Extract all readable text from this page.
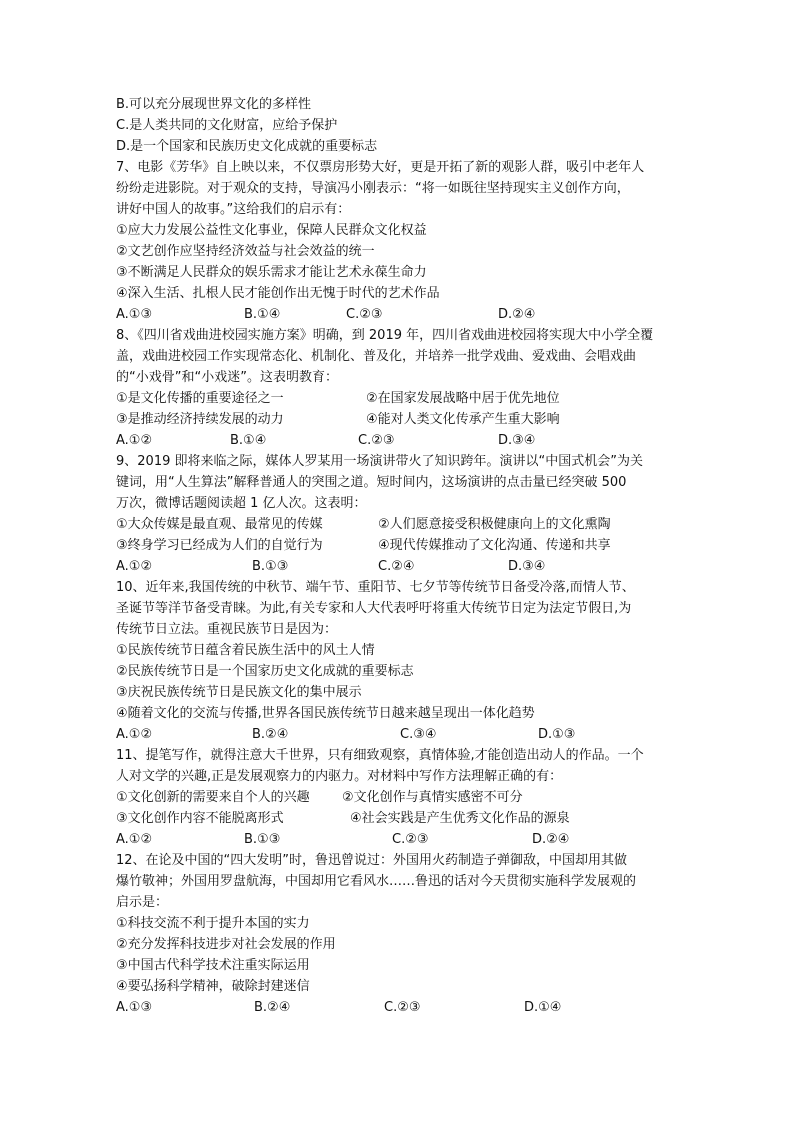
B.可以充分展现世界文化的多样性
C.是人类共同的文化财富，应给予保护
D.是一个国家和民族历史文化成就的重要标志
7、电影《芳华》自上映以来，不仅票房形势大好，更是开拓了新的观影人群，吸引中老年人
纷纷走进影院。对于观众的支持，导演冯小刚表示：“将一如既往坚持现实主义创作方向，
讲好中国人的故事。”这给我们的启示有：
①应大力发展公益性文化事业，保障人民群众文化权益
②文艺创作应坚持经济效益与社会效益的统一
③不断满足人民群众的娱乐需求才能让艺术永葆生命力
④深入生活、扎根人民才能创作出无愧于时代的艺术作品
A.①③	B.①④	C.②③	D.②④
8、《四川省戏曲进校园实施方案》明确，到 2019 年，四川省戏曲进校园将实现大中小学全覆
盖，戏曲进校园工作实现常态化、机制化、普及化，并培养一批学戏曲、爱戏曲、会唱戏曲
的“小戏骨”和“小戏迷”。这表明教育：
①是文化传播的重要途径之一	②在国家发展战略中居于优先地位
③是推动经济持续发展的动力	④能对人类文化传承产生重大影响
A.①②	B.①④	C.②③	D.③④
9、2019 即将来临之际，媒体人罗某用一场演讲带火了知识跨年。演讲以“中国式机会”为关
键词，用“人生算法”解释普通人的突围之道。短时间内，这场演讲的点击量已经突破 500
万次，微博话题阅读超 1 亿人次。这表明：
①大众传媒是最直观、最常见的传媒	②人们愿意接受积极健康向上的文化熏陶
③终身学习已经成为人们的自觉行为	④现代传媒推动了文化沟通、传递和共享
A.①②	B.①③	C.②④	D.③④
10、近年来,我国传统的中秋节、端午节、重阳节、七夕节等传统节日备受冷落,而情人节、
圣诞节等洋节备受青睐。为此,有关专家和人大代表呼吁将重大传统节日定为法定节假日,为
传统节日立法。重视民族节日是因为：
①民族传统节日蕴含着民族生活中的风土人情
②民族传统节日是一个国家历史文化成就的重要标志
③庆祝民族传统节日是民族文化的集中展示
④随着文化的交流与传播,世界各国民族传统节日越来越呈现出一体化趋势
A.①②	B.②④	C.③④	D.①③
11、提笔写作，就得注意大千世界，只有细致观察，真情体验,才能创造出动人的作品。一个
人对文学的兴趣,正是发展观察力的内驱力。对材料中写作方法理解正确的有：
①文化创新的需要来自个人的兴趣 ②文化创作与真情实感密不可分
③文化创作内容不能脱离形式	④社会实践是产生优秀文化作品的源泉
A.①②	B.①③	C.②③	D.②④
12、在论及中国的“四大发明”时，鲁迅曾说过：外国用火药制造子弹御敌，中国却用其做
爆竹敬神；外国用罗盘航海，中国却用它看风水……鲁迅的话对今天贯彻实施科学发展观的
启示是：
①科技交流不利于提升本国的实力
②充分发挥科技进步对社会发展的作用
③中国古代科学技术注重实际运用
④要弘扬科学精神，破除封建迷信
A.①③	B.②④	C.②③	D.①④
